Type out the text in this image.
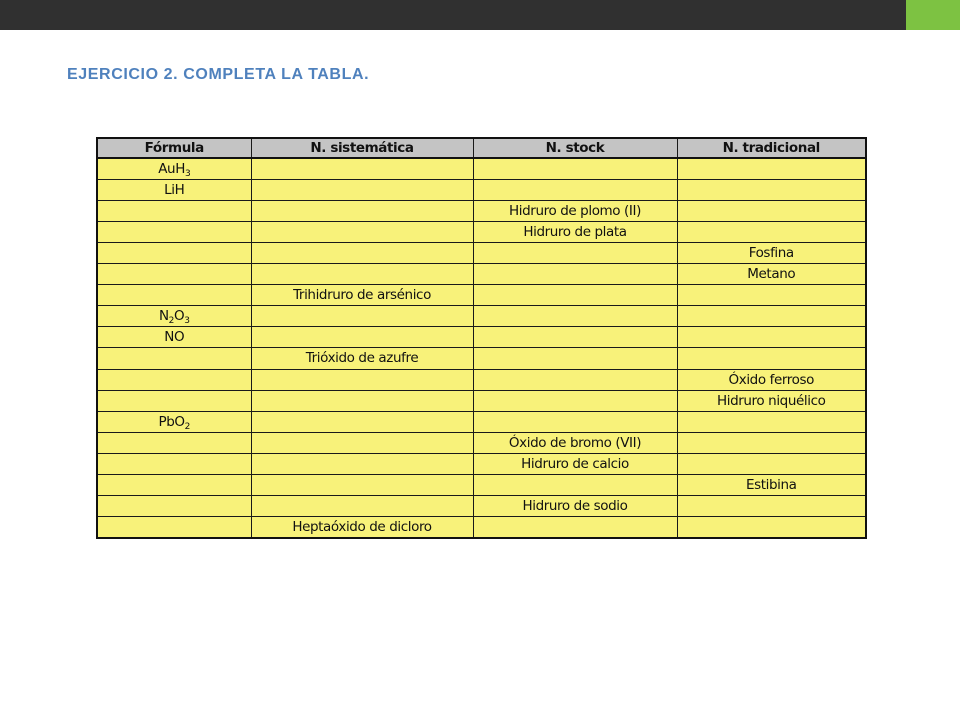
EJERCICIO 2. COMPLETA LA TABLA.
Fórmula	N. sistemática	N. stock	N. tradicional
AuH$_3$			
LiH			
		Hidruro de plomo (II)	
		Hidruro de plata	
			Fosfina
			Metano
	Trihidruro de arsénico		
$N_2O_3$			
NO			
	Trióxido de azufre		
			Óxido ferroso
			Hidruro niquélico
PbO$_2$			
		Óxido de bromo (VII)	
		Hidruro de calcio	
			Estibina
		Hidruro de sodio	
	Heptaóxido de dicloro		
